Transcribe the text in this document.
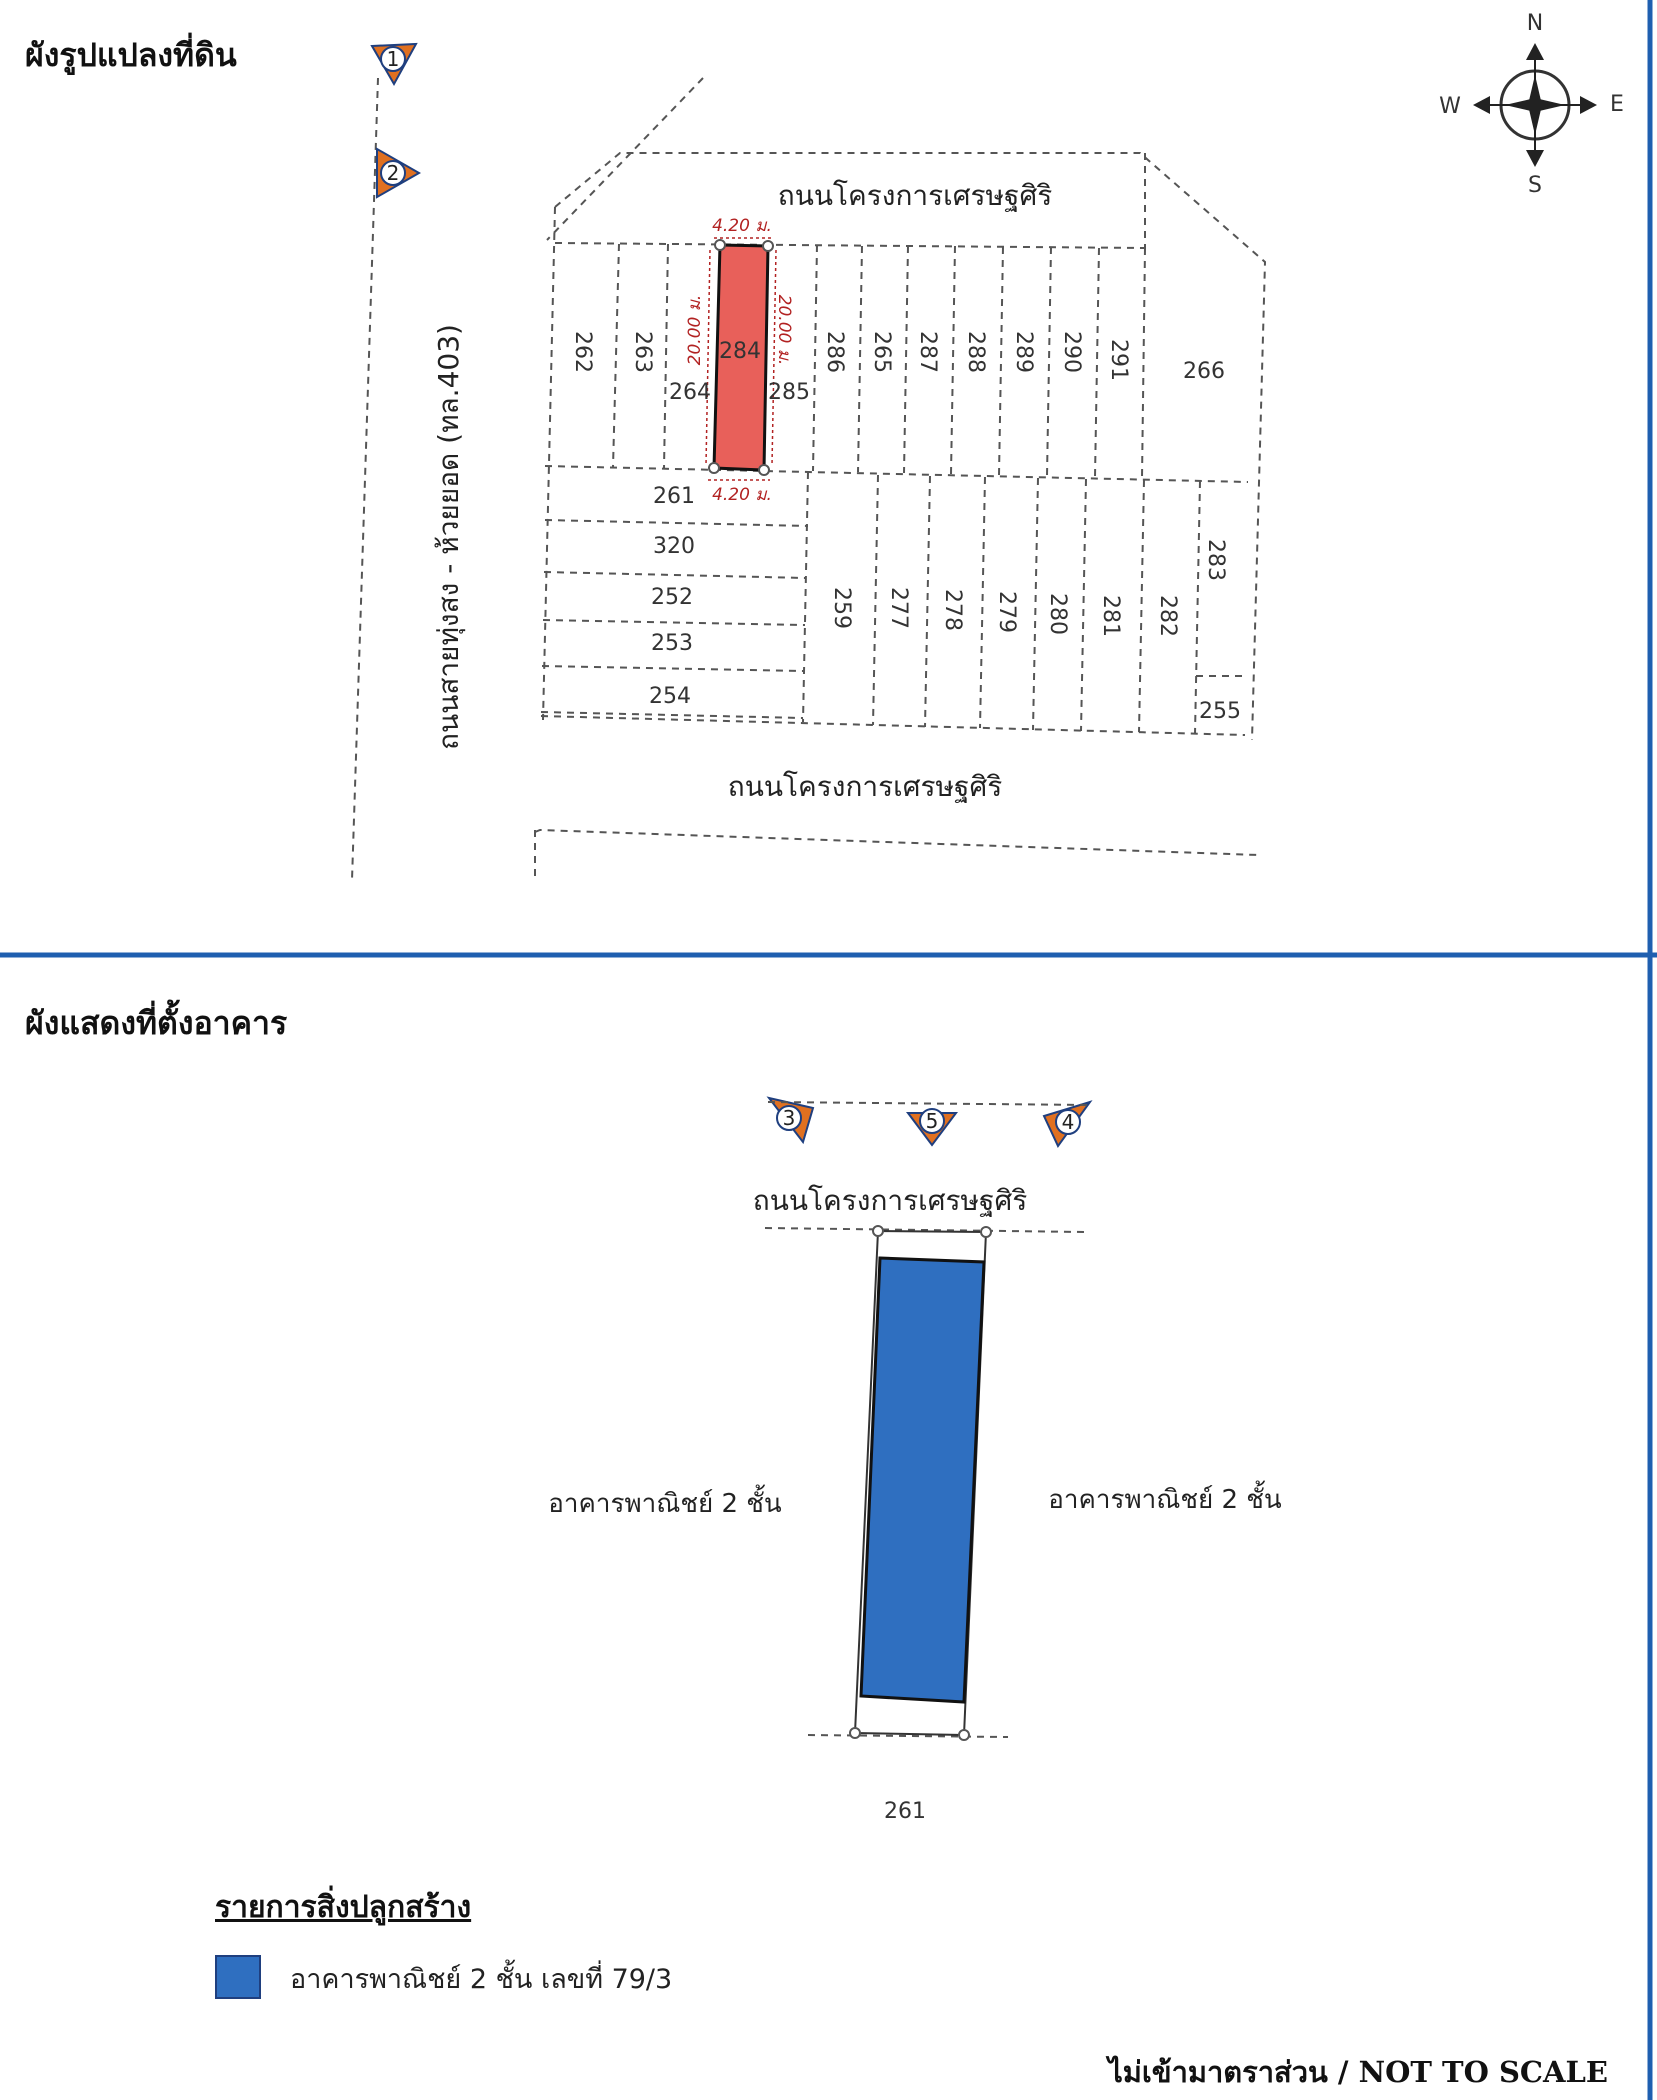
ผังรูปแปลงที่ดิน
ผังแสดงที่ตั้งอาคาร
N
S
E
W
ถนนสายทุ่งสง - ห้วยยอด (ทล.403)
ถนนโครงการเศรษฐศิริ
ถนนโครงการเศรษฐศิริ
4.20 ม.
4.20 ม.
20.00 ม.	20.00 ม.
262 263
264
284
285
286 265 287 288 289 290 291 266
261
320
252
253
254
259 277 278 279 280 281 282
283
255
1
2
3	5	4
ถนนโครงการเศรษฐศิริ
อาคารพาณิชย์ 2 ชั้น	อาคารพาณิชย์ 2 ชั้น
261
รายการสิ่งปลูกสร้าง
อาคารพาณิชย์ 2 ชั้น เลขที่ 79/3
ไม่เข้ามาตราส่วน / NOT TO SCALE
